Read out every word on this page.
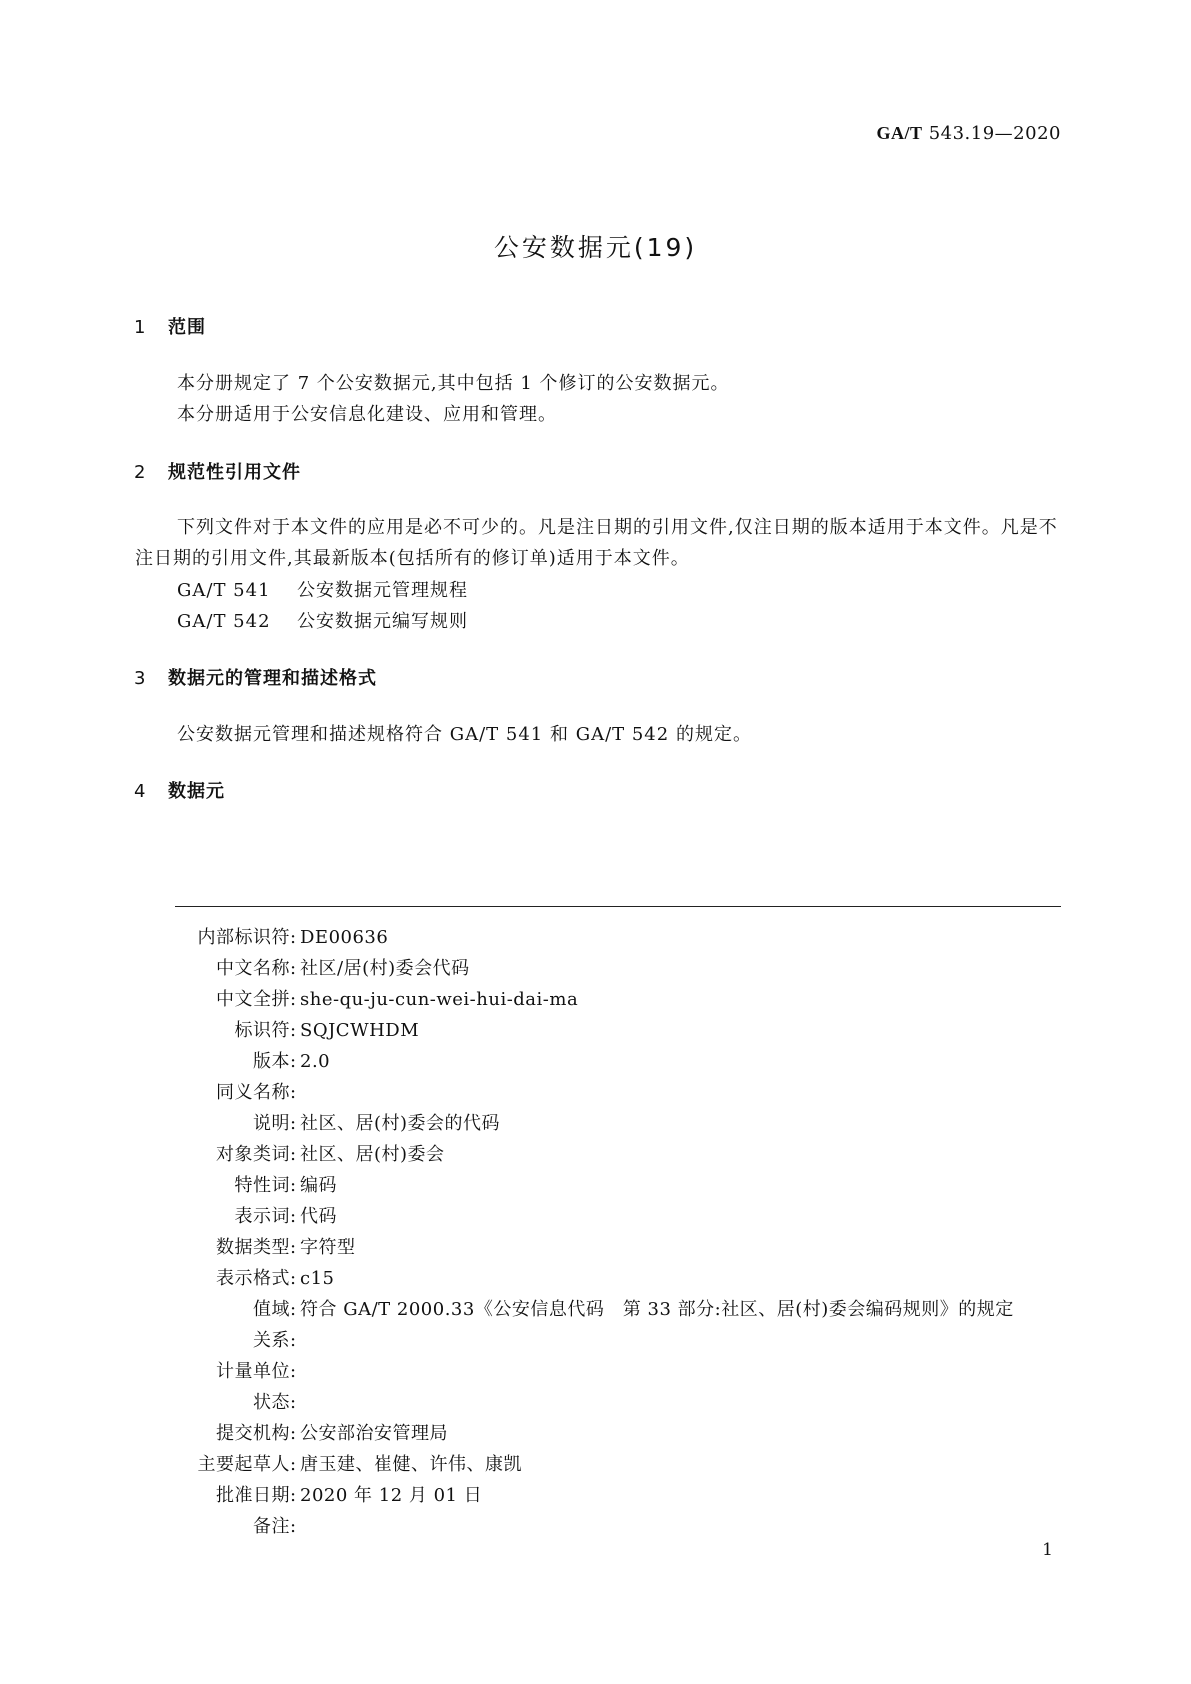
GA/T 543.19—2020
公安数据元(19)
1 范围
本分册规定了 7 个公安数据元,其中包括 1 个修订的公安数据元。
本分册适用于公安信息化建设、应用和管理。
2 规范性引用文件
下列文件对于本文件的应用是必不可少的。凡是注日期的引用文件,仅注日期的版本适用于本文件。凡是不注日期的引用文件,其最新版本(包括所有的修订单)适用于本文件。
GA/T 541 公安数据元管理规程
GA/T 542 公安数据元编写规则
3 数据元的管理和描述格式
公安数据元管理和描述规格符合 GA/T 541 和 GA/T 542 的规定。
4 数据元
内部标识符: DE00636
中文名称: 社区/居(村)委会代码
中文全拼: she-qu-ju-cun-wei-hui-dai-ma
标识符: SQJCWHDM
版本: 2.0
同义名称:
说明: 社区、居(村)委会的代码
对象类词: 社区、居(村)委会
特性词: 编码
表示词: 代码
数据类型: 字符型
表示格式: c15
值域: 符合 GA/T 2000.33《公安信息代码　第 33 部分:社区、居(村)委会编码规则》的规定
关系:
计量单位:
状态:
提交机构: 公安部治安管理局
主要起草人: 唐玉建、崔健、许伟、康凯
批准日期: 2020 年 12 月 01 日
备注:
1
